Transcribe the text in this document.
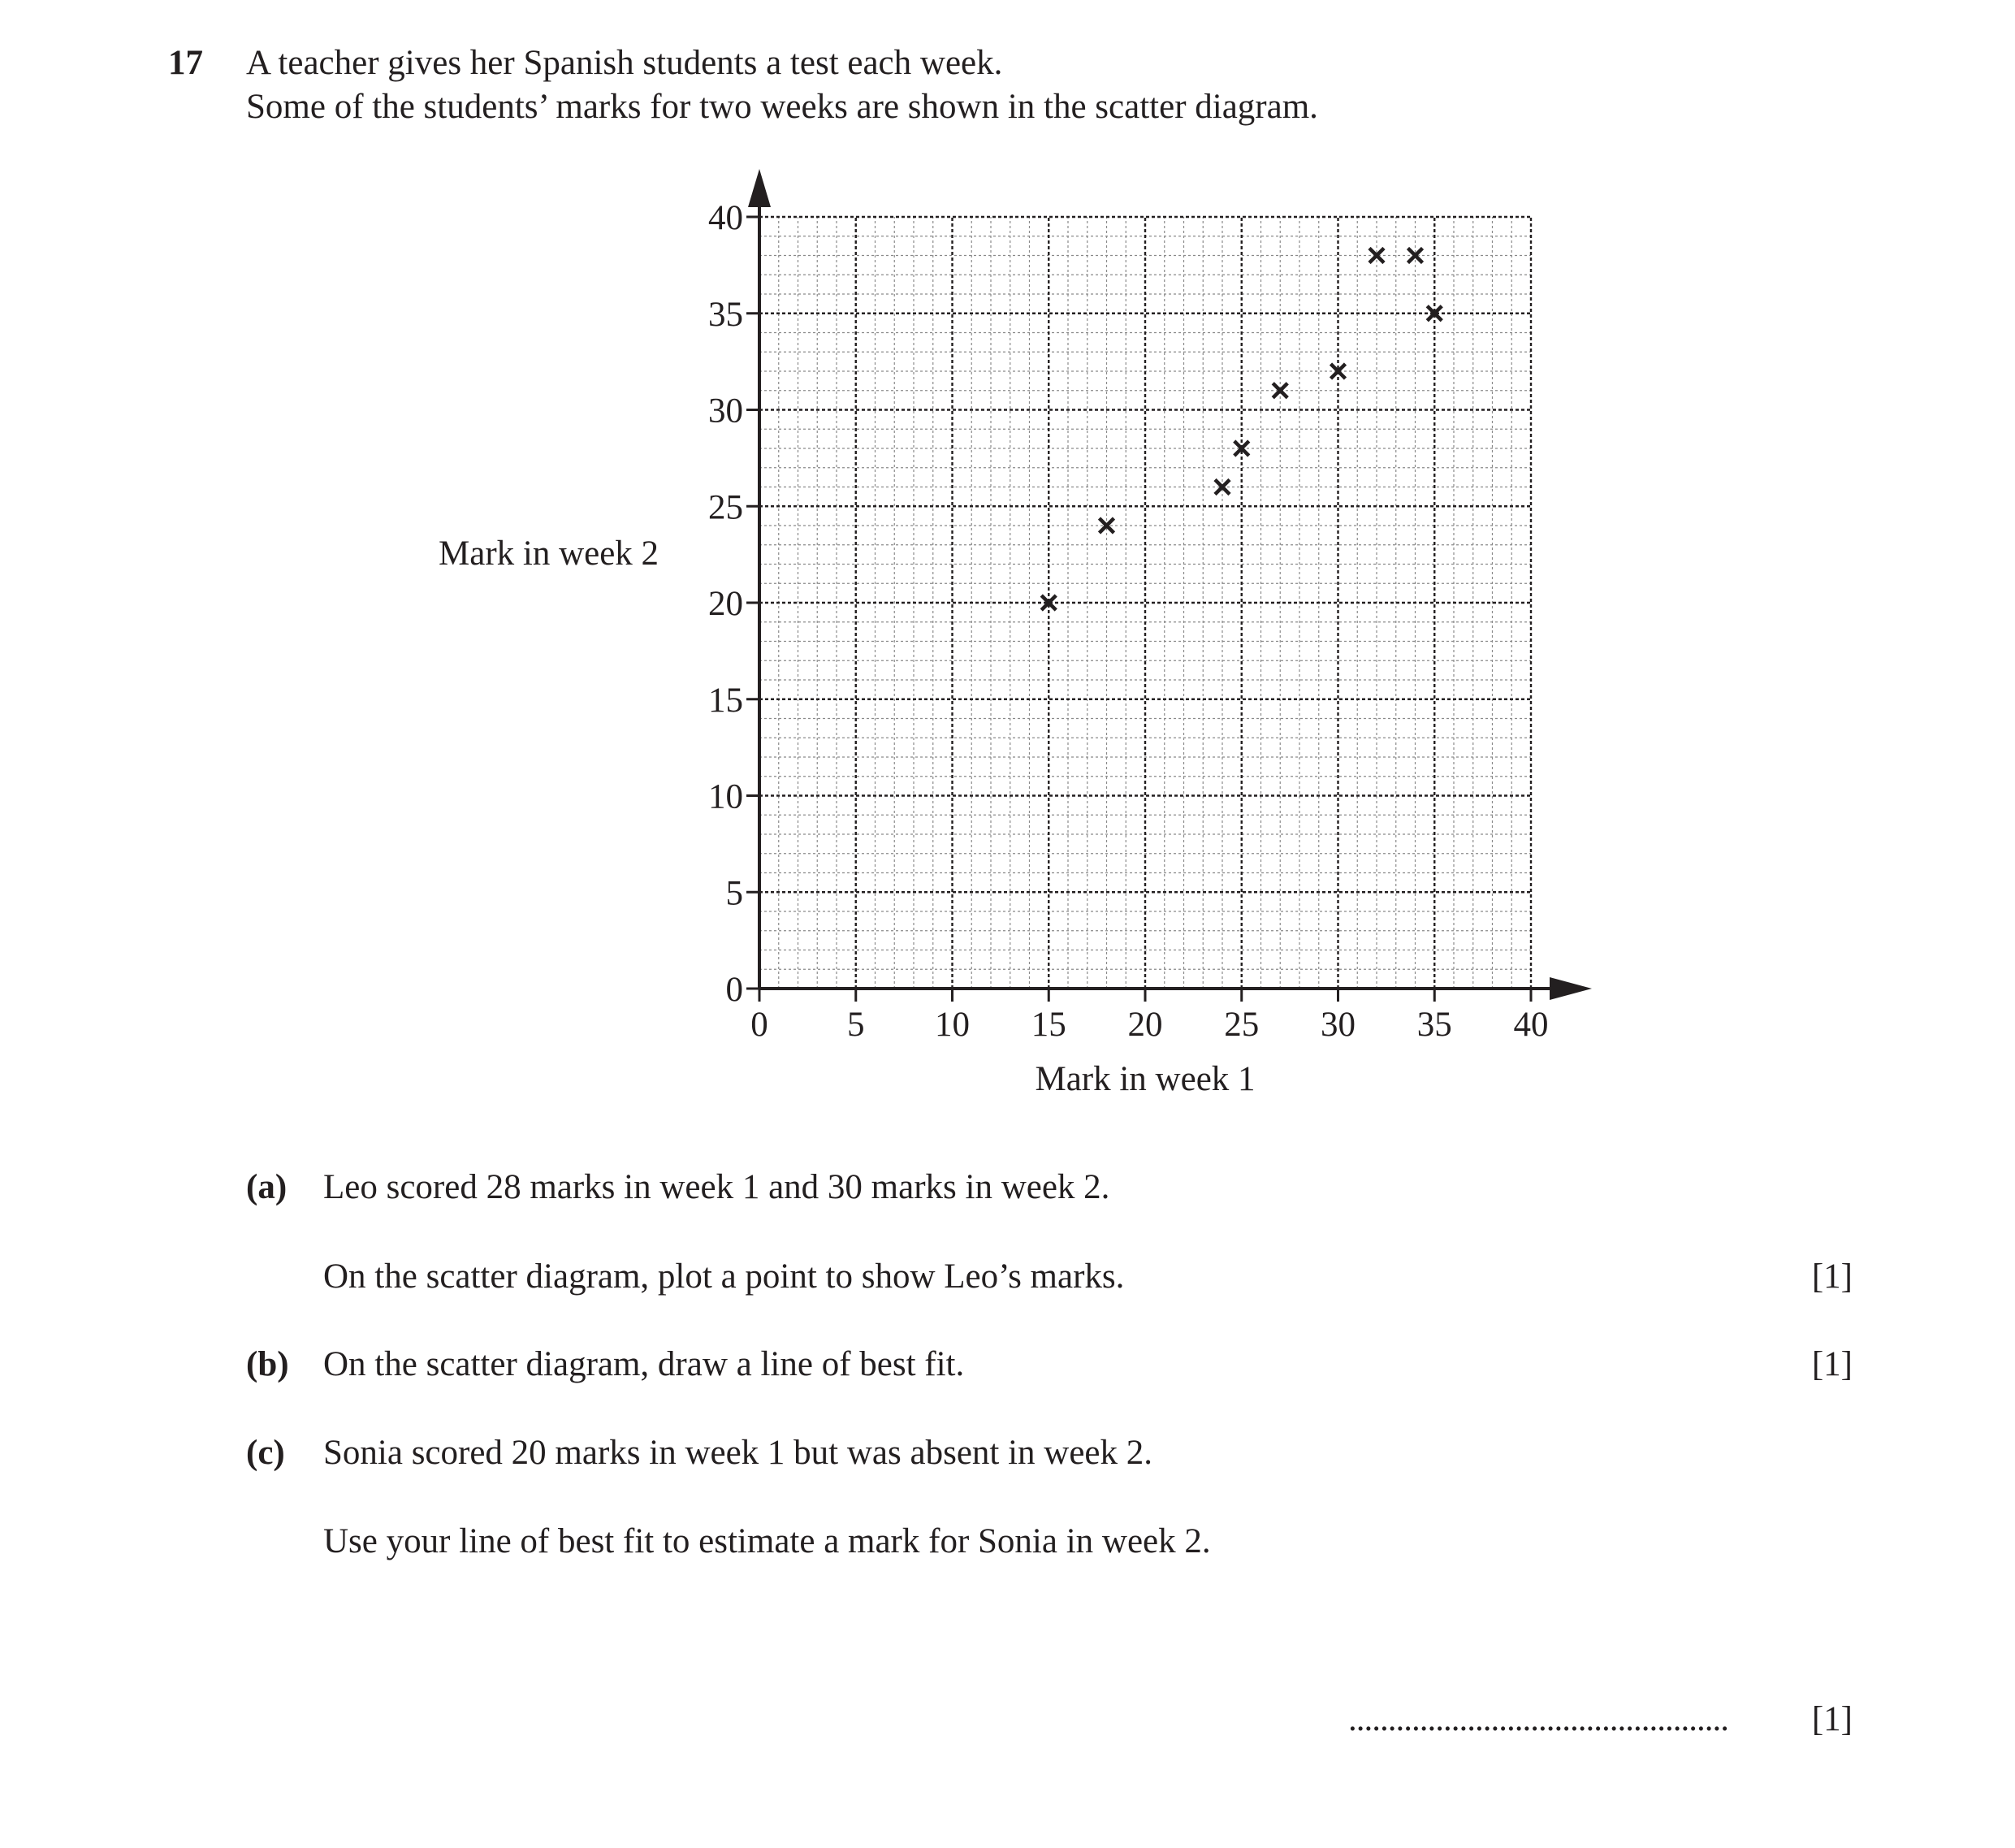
17 A teacher gives her Spanish students a test each week.
Some of the students’ marks for two weeks are shown in the scatter diagram.
Mark in week 2
0 5 10 15 20 25 30 35 40
0
5
10
15
20
25
30
35
40
Mark in week 1
(a) Leo scored 28 marks in week 1 and 30 marks in week 2.
On the scatter diagram, plot a point to show Leo’s marks.	[1]
(b) On the scatter diagram, draw a line of best fit.	[1]
(c) Sonia scored 20 marks in week 1 but was absent in week 2.
Use your line of best fit to estimate a mark for Sonia in week 2.
................................................ [1]
